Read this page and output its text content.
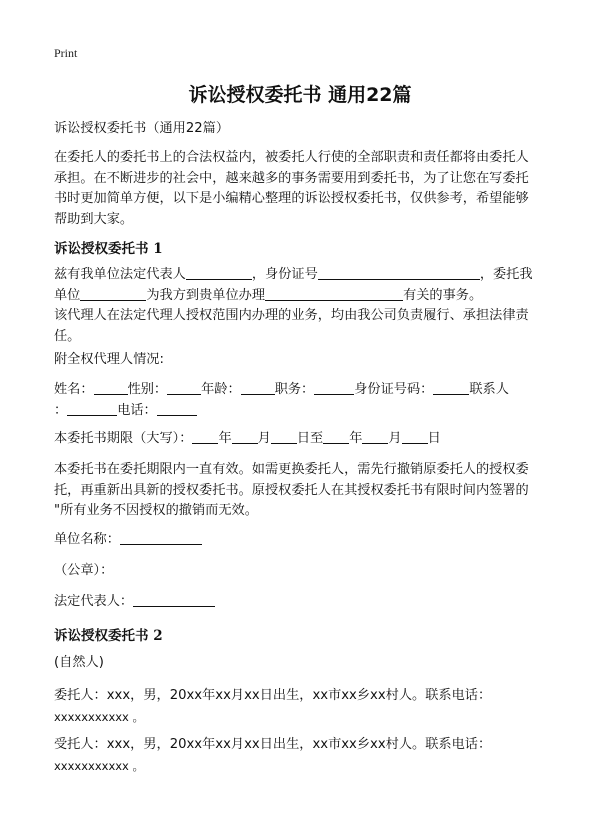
Print
诉讼授权委托书 通用22篇
诉讼授权委托书（通用22篇）
在委托人的委托书上的合法权益内，被委托人行使的全部职责和责任都将由委托人
承担。在不断进步的社会中，越来越多的事务需要用到委托书，为了让您在写委托
书时更加简单方便，以下是小编精心整理的诉讼授权委托书，仅供参考，希望能够
帮助到大家。
诉讼授权委托书 1
兹有我单位法定代表人	，身份证号	，委托我
单位	为我方到贵单位办理	有关的事务。
该代理人在法定代理人授权范围内办理的业务，均由我公司负责履行、承担法律责
任。
附全权代理人情况:
姓名：	性别：	年龄：	职务：	身份证号码：	联系人
：	电话：
本委托书期限（大写）： 年 月 日至 年 月 日
本委托书在委托期限内一直有效。如需更换委托人，需先行撤销原委托人的授权委
托，再重新出具新的授权委托书。原授权委托人在其授权委托书有限时间内签署的
"所有业务不因授权的撤销而无效。
单位名称：
（公章）：
法定代表人：
诉讼授权委托书 2
(自然人)
委托人：xxx，男，20xx年xx月xx日出生，xx市xx乡xx村人。联系电话：
xxxxxxxxxxx 。
受托人：xxx，男，20xx年xx月xx日出生，xx市xx乡xx村人。联系电话：
xxxxxxxxxxx 。
